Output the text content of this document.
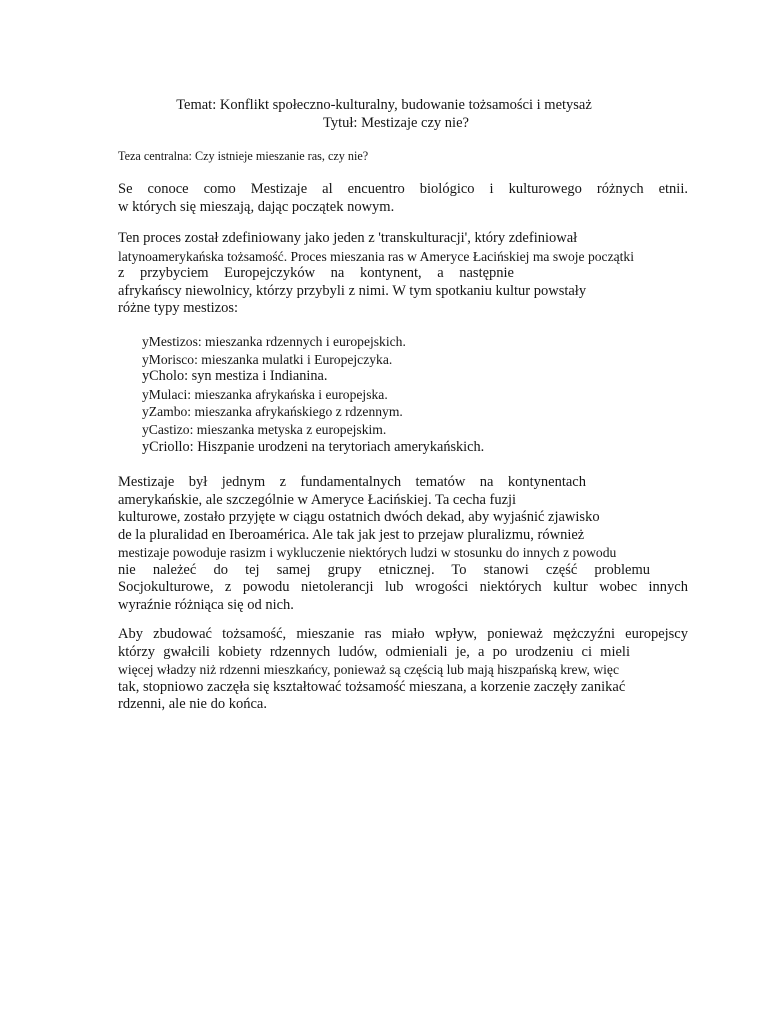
Temat: Konflikt społeczno-kulturalny, budowanie tożsamości i metysaż

Tytuł: Mestizaje czy nie?

Teza centralna: Czy istnieje mieszanie ras, czy nie?

Se conoce como Mestizaje al encuentro biológico i kulturowego różnych etnii.
w których się mieszają, dając początek nowym.
Ten proces został zdefiniowany jako jeden z 'transkulturacji', który zdefiniował
latynoamerykańska tożsamość. Proces mieszania ras w Ameryce Łacińskiej ma swoje początki
z przybyciem Europejczyków na kontynent, a następnie
afrykańscy niewolnicy, którzy przybyli z nimi. W tym spotkaniu kultur powstały
różne typy mestizos:
yMestizos: mieszanka rdzennych i europejskich.
yMorisco: mieszanka mulatki i Europejczyka.
yCholo: syn mestiza i Indianina.
yMulaci: mieszanka afrykańska i europejska.
yZambo: mieszanka afrykańskiego z rdzennym.
yCastizo: mieszanka metyska z europejskim.
yCriollo: Hiszpanie urodzeni na terytoriach amerykańskich.
Mestizaje był jednym z fundamentalnych tematów na kontynentach
amerykańskie, ale szczególnie w Ameryce Łacińskiej. Ta cecha fuzji
kulturowe, zostało przyjęte w ciągu ostatnich dwóch dekad, aby wyjaśnić zjawisko
de la pluralidad en Iberoamérica. Ale tak jak jest to przejaw pluralizmu, również
mestizaje powoduje rasizm i wykluczenie niektórych ludzi w stosunku do innych z powodu
nie należeć do tej samej grupy etnicznej. To stanowi część problemu
Socjokulturowe, z powodu nietolerancji lub wrogości niektórych kultur wobec innych
wyraźnie różniąca się od nich.
Aby zbudować tożsamość, mieszanie ras miało wpływ, ponieważ mężczyźni europejscy
którzy gwałcili kobiety rdzennych ludów, odmieniali je, a po urodzeniu ci mieli
więcej władzy niż rdzenni mieszkańcy, ponieważ są częścią lub mają hiszpańską krew, więc
tak, stopniowo zaczęła się kształtować tożsamość mieszana, a korzenie zaczęły zanikać
rdzenni, ale nie do końca.
